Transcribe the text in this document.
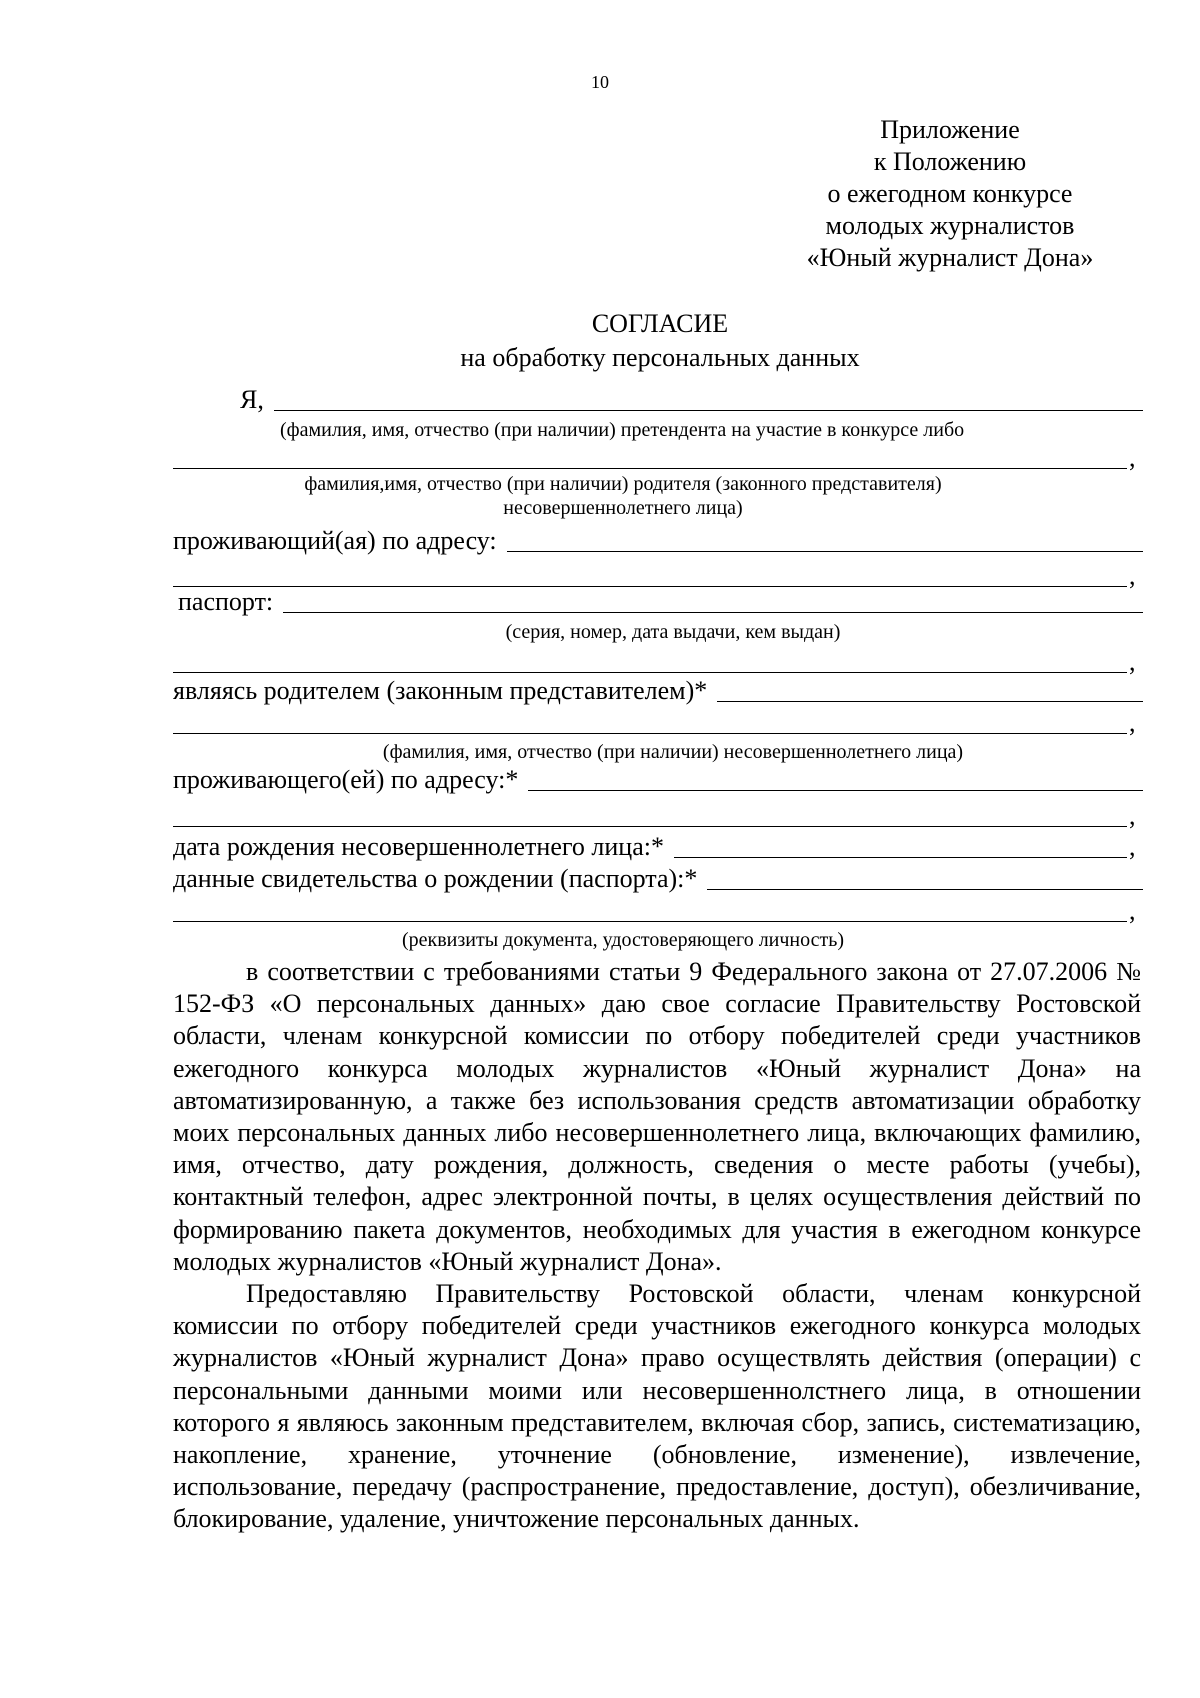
10
Приложение
к Положению
о ежегодном конкурсе
молодых журналистов
«Юный журналист Дона»
СОГЛАСИЕ
на обработку персональных данных
Я,
(фамилия, имя, отчество (при наличии) претендента на участие в конкурсе либо
,
фамилия,имя, отчество (при наличии) родителя (законного представителя)
несовершеннолетнего лица)
проживающий(ая) по адресу:
,
паспорт:
(серия, номер, дата выдачи, кем выдан)
,
являясь родителем (законным представителем)*
,
(фамилия, имя, отчество (при наличии) несовершеннолетнего лица)
проживающего(ей) по адресу:*
,
дата рождения несовершеннолетнего лица:*	,
данные свидетельства о рождении (паспорта):*
,
(реквизиты документа, удостоверяющего личность)

в соответствии с требованиями статьи 9 Федерального закона от 27.07.2006 № 152-ФЗ «О персональных данных» даю свое согласие Правительству Ростовской области, членам конкурсной комиссии по отбору победителей среди участников ежегодного конкурса молодых журналистов «Юный журналист Дона» на автоматизированную, а также без использования средств автоматизации обработку моих персональных данных либо несовершеннолетнего лица, включающих фамилию, имя, отчество, дату рождения, должность, сведения о месте работы (учебы), контактный телефон, адрес электронной почты, в целях осуществления действий по формированию пакета документов, необходимых для участия в ежегодном конкурсе молодых журналистов «Юный журналист Дона».

Предоставляю Правительству Ростовской области, членам конкурсной комиссии по отбору победителей среди участников ежегодного конкурса молодых журналистов «Юный журналист Дона» право осуществлять действия (операции) с персональными данными моими или несовершеннолстнего лица, в отношении которого я являюсь законным представителем, включая сбор, запись, систематизацию, накопление, хранение, уточнение (обновление, изменение), извлечение, использование, передачу (распространение, предоставление, доступ), обезличивание, блокирование, удаление, уничтожение персональных данных.
